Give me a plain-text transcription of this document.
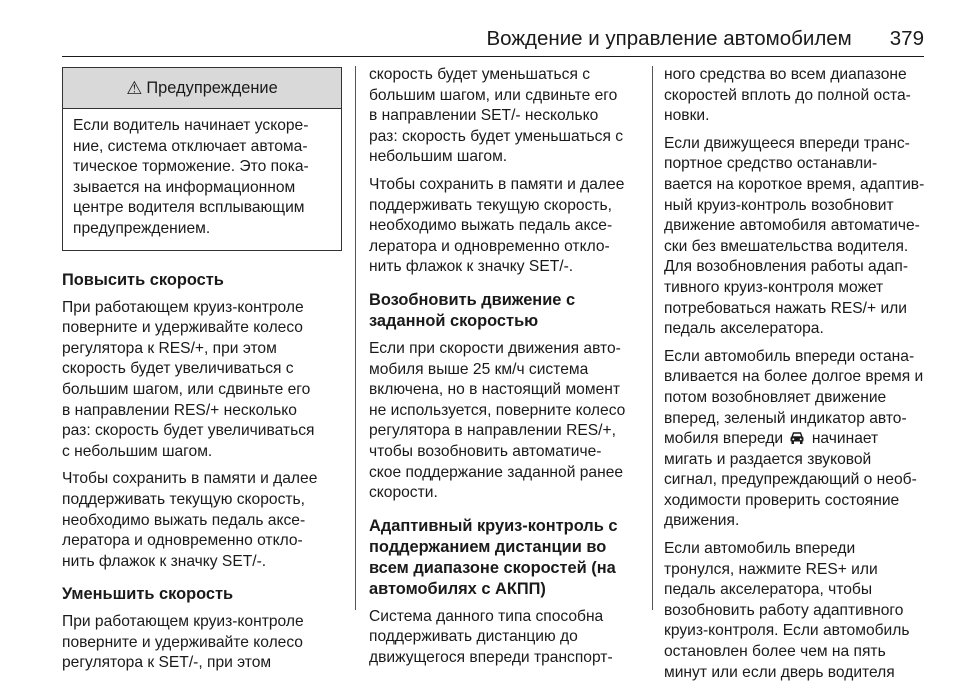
Вождение и управление автомобилем 379
⚠ Предупреждение
Если водитель начинает ускоре-
ние, система отключает автома-
тическое торможение. Это пока-
зывается на информационном
центре водителя всплывающим
предупреждением.
Повысить скорость

При работающем круиз-контроле
поверните и удерживайте колесо
регулятора к RES/+, при этом
скорость будет увеличиваться с
большим шагом, или сдвиньте его
в направлении RES/+ несколько
раз: скорость будет увеличиваться
с небольшим шагом.

Чтобы сохранить в памяти и далее
поддерживать текущую скорость,
необходимо выжать педаль аксе-
лератора и одновременно откло-
нить флажок к значку SET/-.

Уменьшить скорость

При работающем круиз-контроле
поверните и удерживайте колесо
регулятора к SET/-, при этом

скорость будет уменьшаться с
большим шагом, или сдвиньте его
в направлении SET/- несколько
раз: скорость будет уменьшаться с
небольшим шагом.

Чтобы сохранить в памяти и далее
поддерживать текущую скорость,
необходимо выжать педаль аксе-
лератора и одновременно откло-
нить флажок к значку SET/-.

Возобновить движение с
заданной скоростью

Если при скорости движения авто-
мобиля выше 25 км/ч система
включена, но в настоящий момент
не используется, поверните колесо
регулятора в направлении RES/+,
чтобы возобновить автоматиче-
ское поддержание заданной ранее
скорости.

Адаптивный круиз-контроль с
поддержанием дистанции во
всем диапазоне скоростей (на
автомобилях с АКПП)

Система данного типа способна
поддерживать дистанцию до
движущегося впереди транспорт-

ного средства во всем диапазоне
скоростей вплоть до полной оста-
новки.

Если движущееся впереди транс-
портное средство останавли-
вается на короткое время, адаптив-
ный круиз-контроль возобновит
движение автомобиля автоматиче-
ски без вмешательства водителя.
Для возобновления работы адап-
тивного круиз-контроля может
потребоваться нажать RES/+ или
педаль акселератора.

Если автомобиль впереди остана-
вливается на более долгое время и
потом возобновляет движение
вперед, зеленый индикатор авто-
мобиля впереди начинает
мигать и раздается звуковой
сигнал, предупреждающий о необ-
ходимости проверить состояние
движения.

Если автомобиль впереди
тронулся, нажмите RES+ или
педаль акселератора, чтобы
возобновить работу адаптивного
круиз-контроля. Если автомобиль
остановлен более чем на пять
минут или если дверь водителя
